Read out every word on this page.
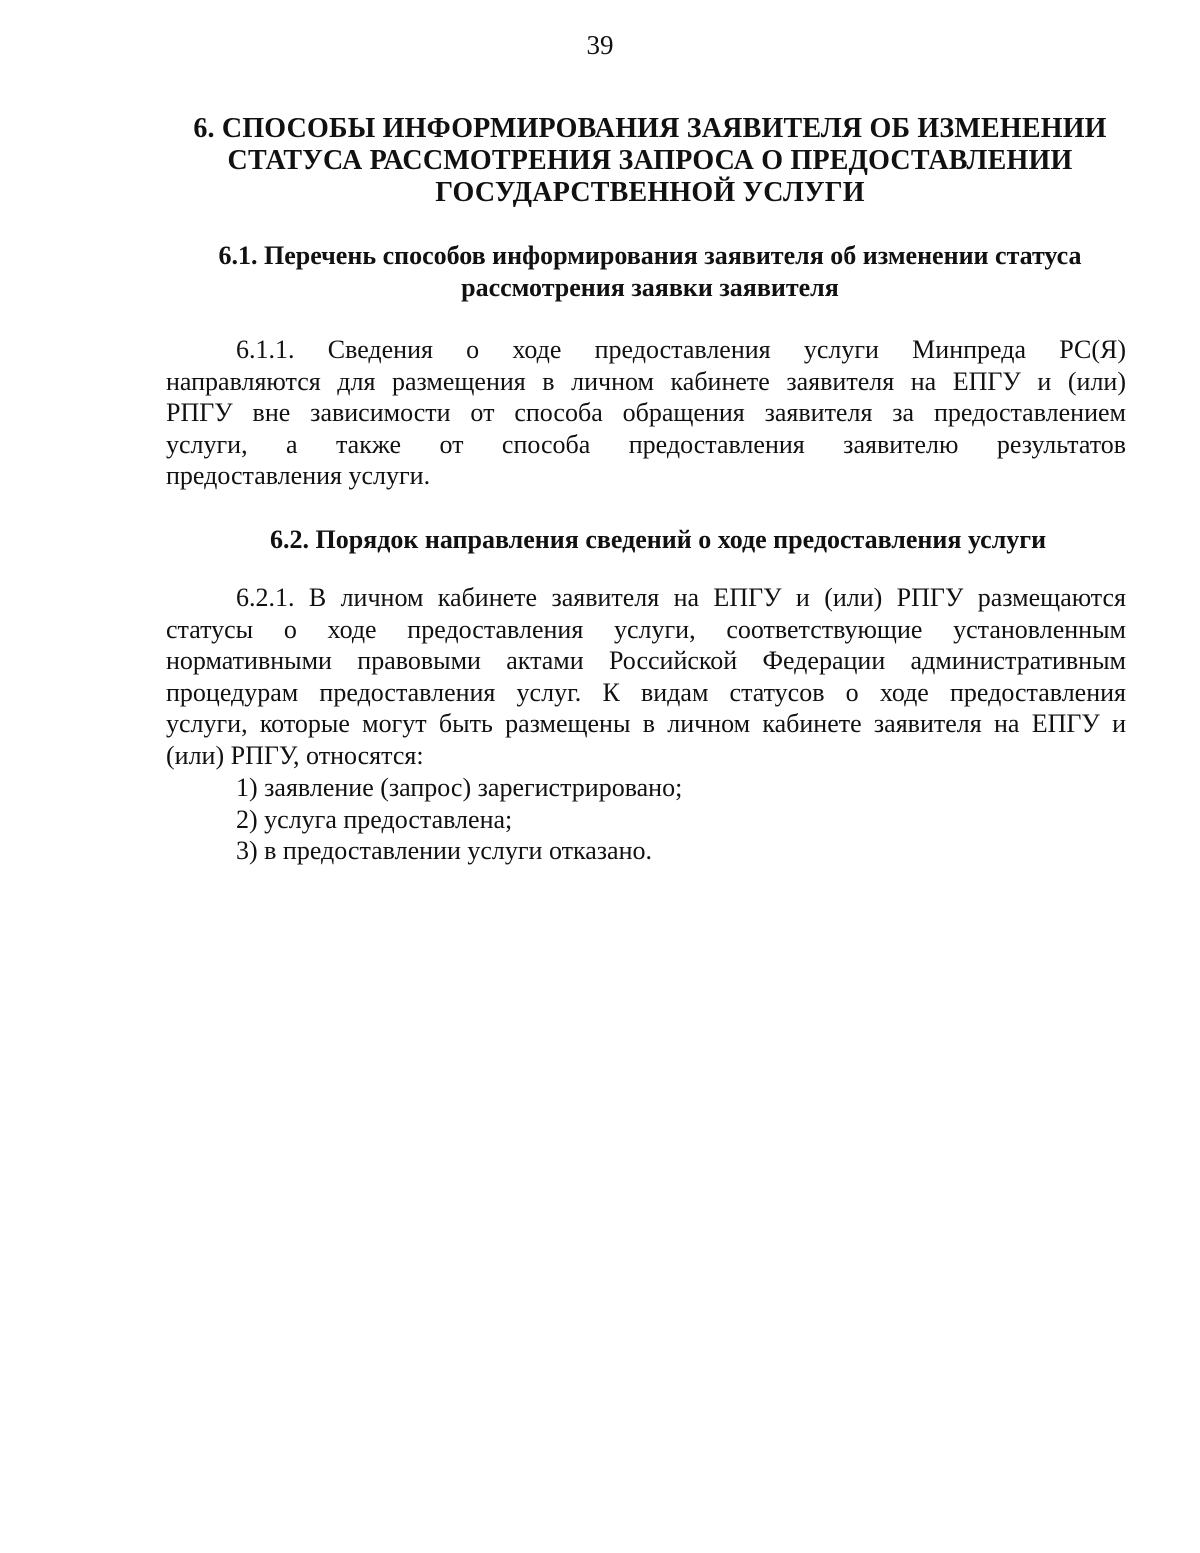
39
6. СПОСОБЫ ИНФОРМИРОВАНИЯ ЗАЯВИТЕЛЯ ОБ ИЗМЕНЕНИИ
СТАТУСА РАССМОТРЕНИЯ ЗАПРОСА О ПРЕДОСТАВЛЕНИИ
ГОСУДАРСТВЕННОЙ УСЛУГИ
6.1. Перечень способов информирования заявителя об изменении статуса
рассмотрения заявки заявителя
6.1.1. Сведения о ходе предоставления услуги Минпреда РС(Я)
направляются для размещения в личном кабинете заявителя на ЕПГУ и (или)
РПГУ вне зависимости от способа обращения заявителя за предоставлением
услуги, а также от способа предоставления заявителю результатов
предоставления услуги.
6.2. Порядок направления сведений о ходе предоставления услуги
6.2.1. В личном кабинете заявителя на ЕПГУ и (или) РПГУ размещаются
статусы о ходе предоставления услуги, соответствующие установленным
нормативными правовыми актами Российской Федерации административным
процедурам предоставления услуг. К видам статусов о ходе предоставления
услуги, которые могут быть размещены в личном кабинете заявителя на ЕПГУ и
(или) РПГУ, относятся:
1) заявление (запрос) зарегистрировано;
2) услуга предоставлена;
3) в предоставлении услуги отказано.
